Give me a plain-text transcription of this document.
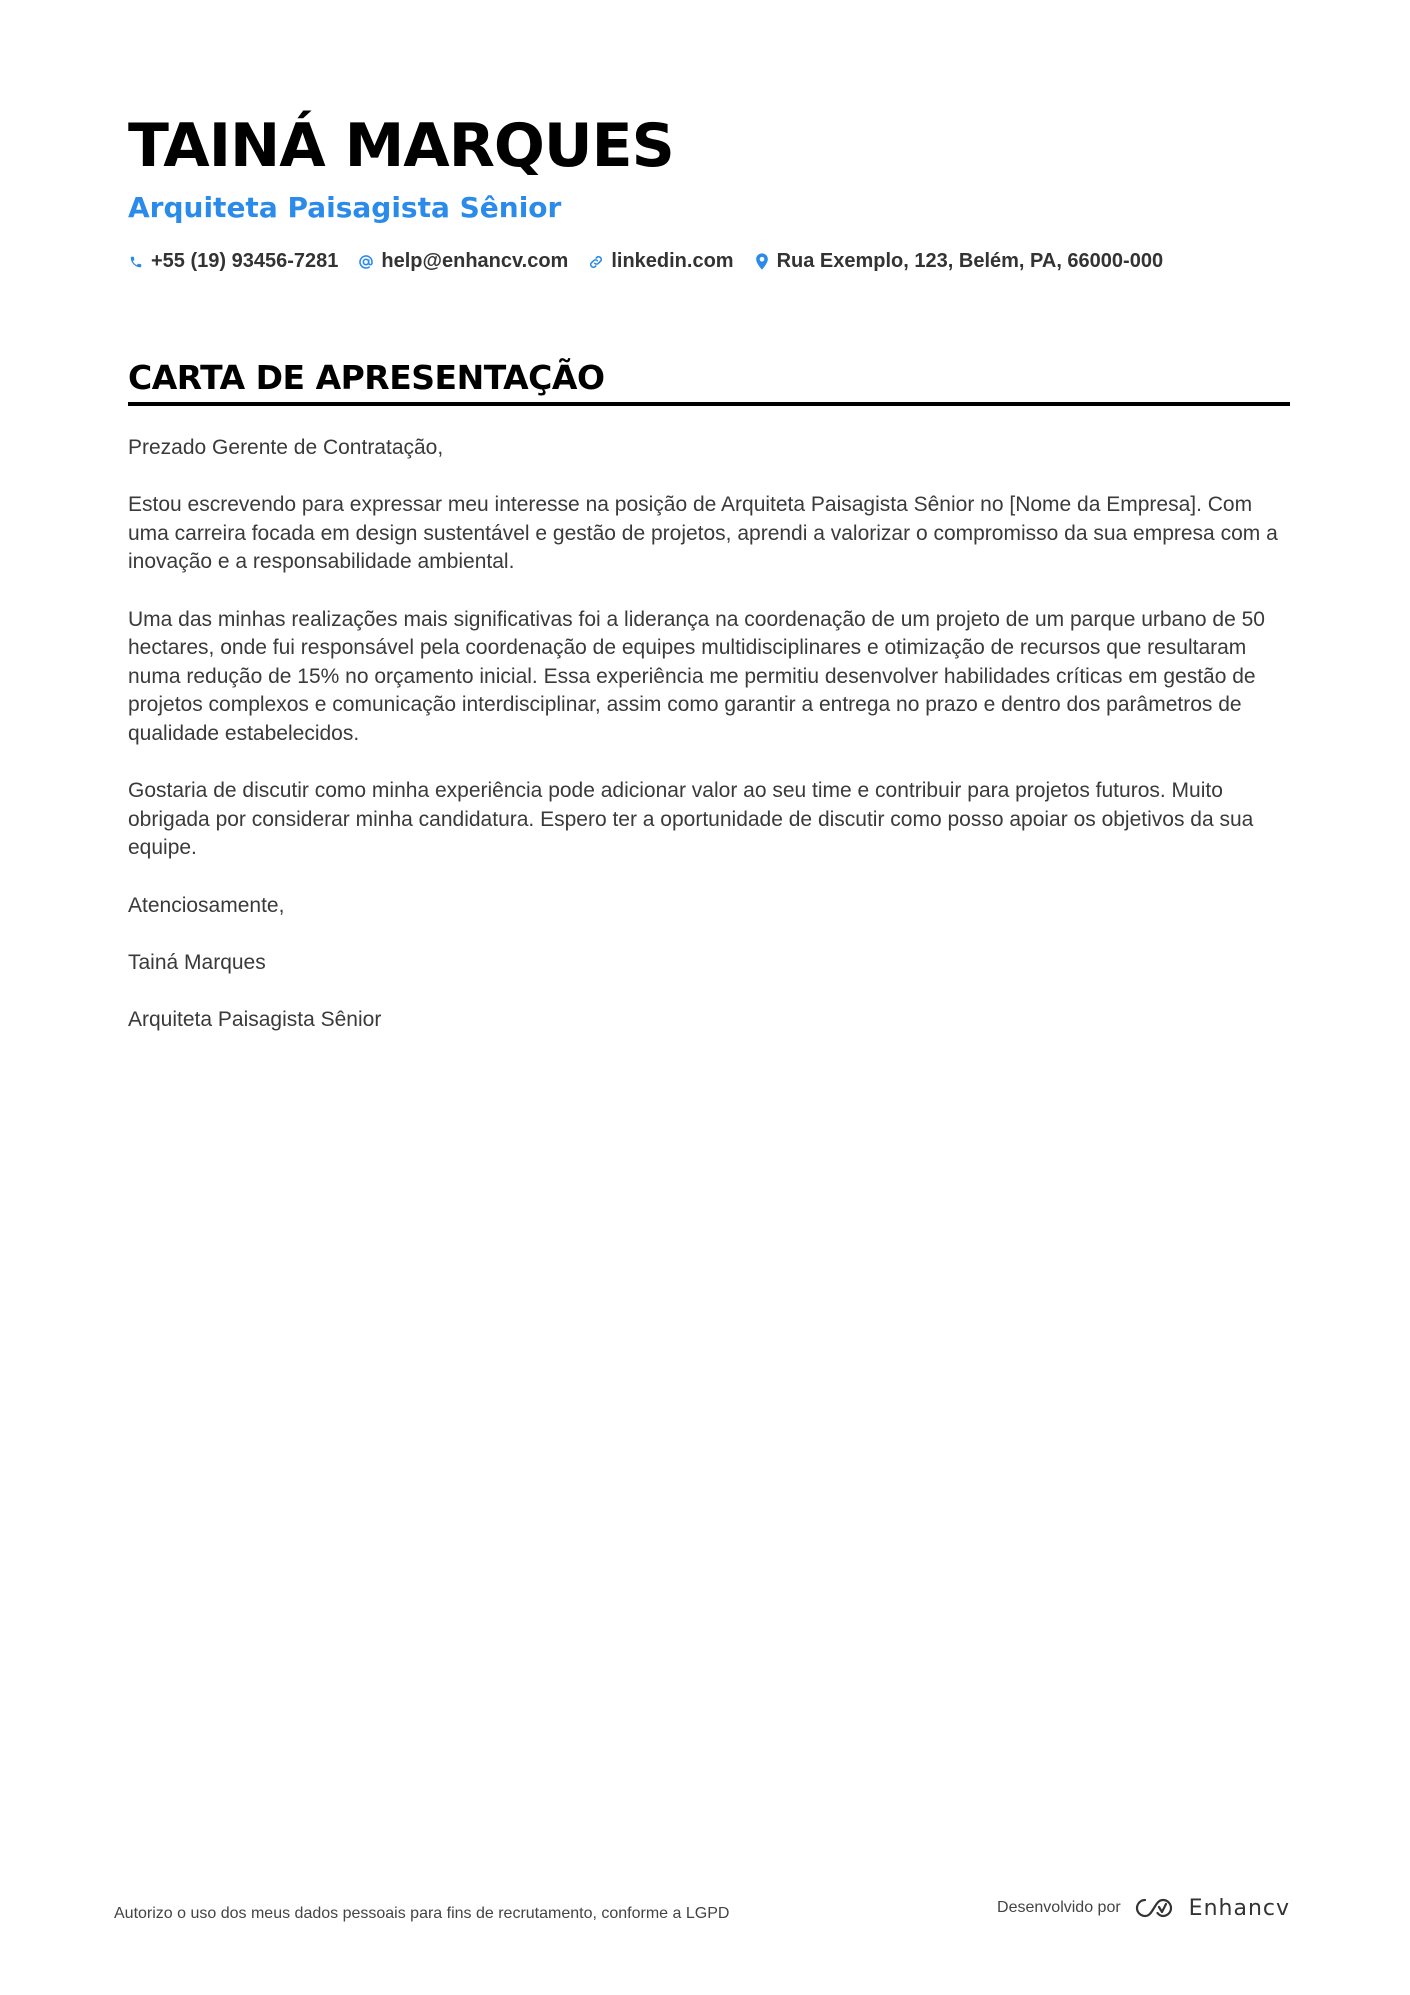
TAINÁ MARQUES
Arquiteta Paisagista Sênior
+55 (19) 93456-7281 help@enhancv.com linkedin.com Rua Exemplo, 123, Belém, PA, 66000-000
CARTA DE APRESENTAÇÃO

Prezado Gerente de Contratação,

Estou escrevendo para expressar meu interesse na posição de Arquiteta Paisagista Sênior no [Nome da Empresa]. Com uma carreira focada em design sustentável e gestão de projetos, aprendi a valorizar o compromisso da sua empresa com a inovação e a responsabilidade ambiental.

Uma das minhas realizações mais significativas foi a liderança na coordenação de um projeto de um parque urbano de 50 hectares, onde fui responsável pela coordenação de equipes multidisciplinares e otimização de recursos que resultaram numa redução de 15% no orçamento inicial. Essa experiência me permitiu desenvolver habilidades críticas em gestão de projetos complexos e comunicação interdisciplinar, assim como garantir a entrega no prazo e dentro dos parâmetros de qualidade estabelecidos.

Gostaria de discutir como minha experiência pode adicionar valor ao seu time e contribuir para projetos futuros. Muito obrigada por considerar minha candidatura. Espero ter a oportunidade de discutir como posso apoiar os objetivos da sua equipe.

Atenciosamente,

Tainá Marques

Arquiteta Paisagista Sênior

Autorizo o uso dos meus dados pessoais para fins de recrutamento, conforme a LGPD	Desenvolvido por	Enhancv
